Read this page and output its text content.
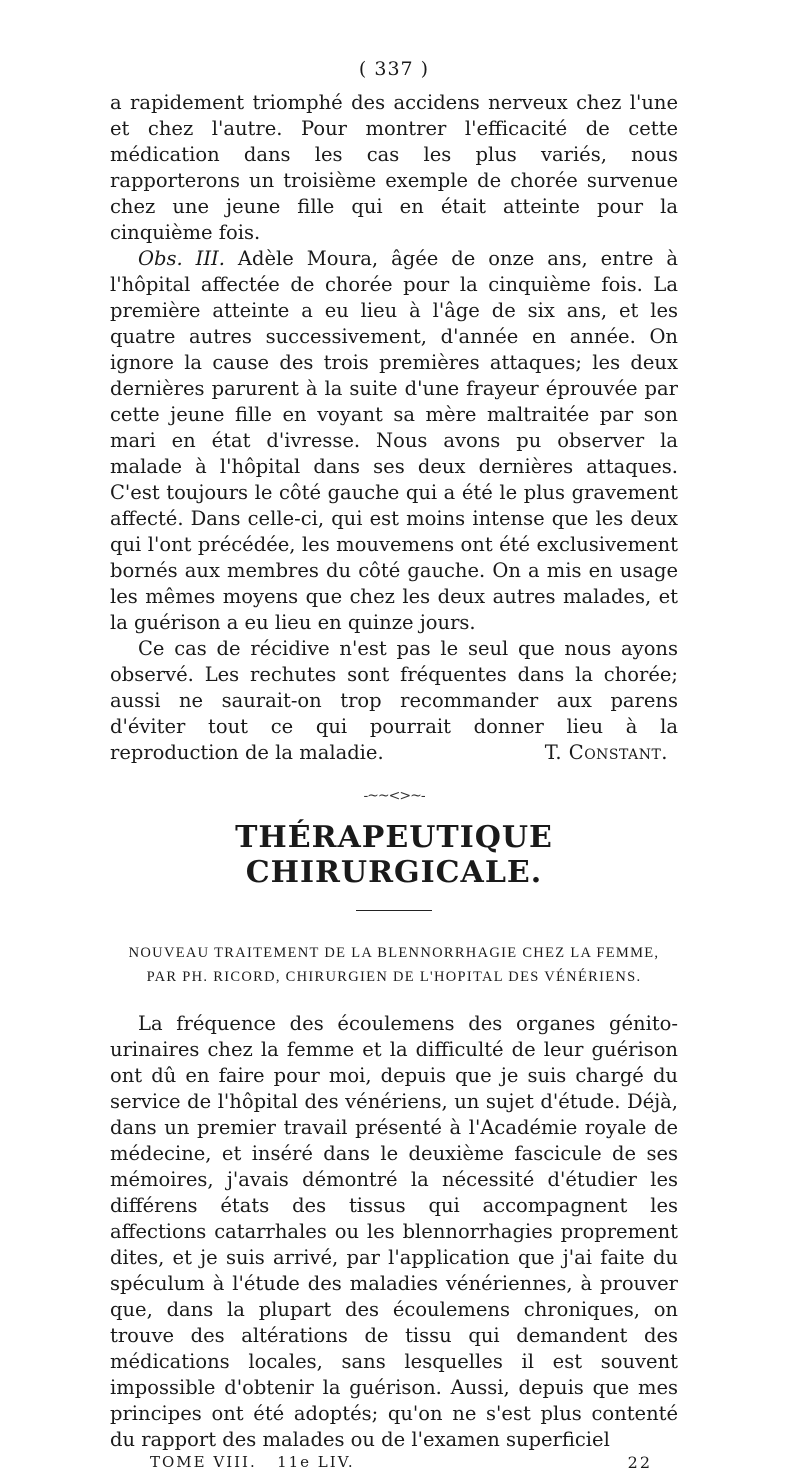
( 337 )

a rapidement triomphé des accidens nerveux chez l'une et chez l'autre. Pour montrer l'efficacité de cette médication dans les cas les plus variés, nous rapporterons un troisième exemple de chorée survenue chez une jeune fille qui en était atteinte pour la cinquième fois.

Obs. III. Adèle Moura, âgée de onze ans, entre à l'hôpital affectée de chorée pour la cinquième fois. La première atteinte a eu lieu à l'âge de six ans, et les quatre autres successivement, d'année en année. On ignore la cause des trois premières attaques; les deux dernières parurent à la suite d'une frayeur éprouvée par cette jeune fille en voyant sa mère maltraitée par son mari en état d'ivresse. Nous avons pu observer la malade à l'hôpital dans ses deux dernières attaques. C'est toujours le côté gauche qui a été le plus gravement affecté. Dans celle-ci, qui est moins intense que les deux qui l'ont précédée, les mouvemens ont été exclusivement bornés aux membres du côté gauche. On a mis en usage les mêmes moyens que chez les deux autres malades, et la guérison a eu lieu en quinze jours.

Ce cas de récidive n'est pas le seul que nous ayons observé. Les rechutes sont fréquentes dans la chorée; aussi ne saurait-on trop recommander aux parens d'éviter tout ce qui pourrait donner lieu à la reproduction de la maladie.	T. Constant.

-~~<>~-
THÉRAPEUTIQUE CHIRURGICALE.
NOUVEAU TRAITEMENT DE LA BLENNORRHAGIE CHEZ LA FEMME,
PAR PH. RICORD, CHIRURGIEN DE L'HOPITAL DES VÉNÉRIENS.

La fréquence des écoulemens des organes génito-urinaires chez la femme et la difficulté de leur guérison ont dû en faire pour moi, depuis que je suis chargé du service de l'hôpital des vénériens, un sujet d'étude. Déjà, dans un premier travail présenté à l'Académie royale de médecine, et inséré dans le deuxième fascicule de ses mémoires, j'avais démontré la nécessité d'étudier les différens états des tissus qui accompagnent les affections catarrhales ou les blennorrhagies proprement dites, et je suis arrivé, par l'application que j'ai faite du spéculum à l'étude des maladies vénériennes, à prouver que, dans la plupart des écoulemens chroniques, on trouve des altérations de tissu qui demandent des médications locales, sans lesquelles il est souvent impossible d'obtenir la guérison. Aussi, depuis que mes principes ont été adoptés; qu'on ne s'est plus contenté du rapport des malades ou de l'examen superficiel

TOME VIII. 11e LIV.	22
